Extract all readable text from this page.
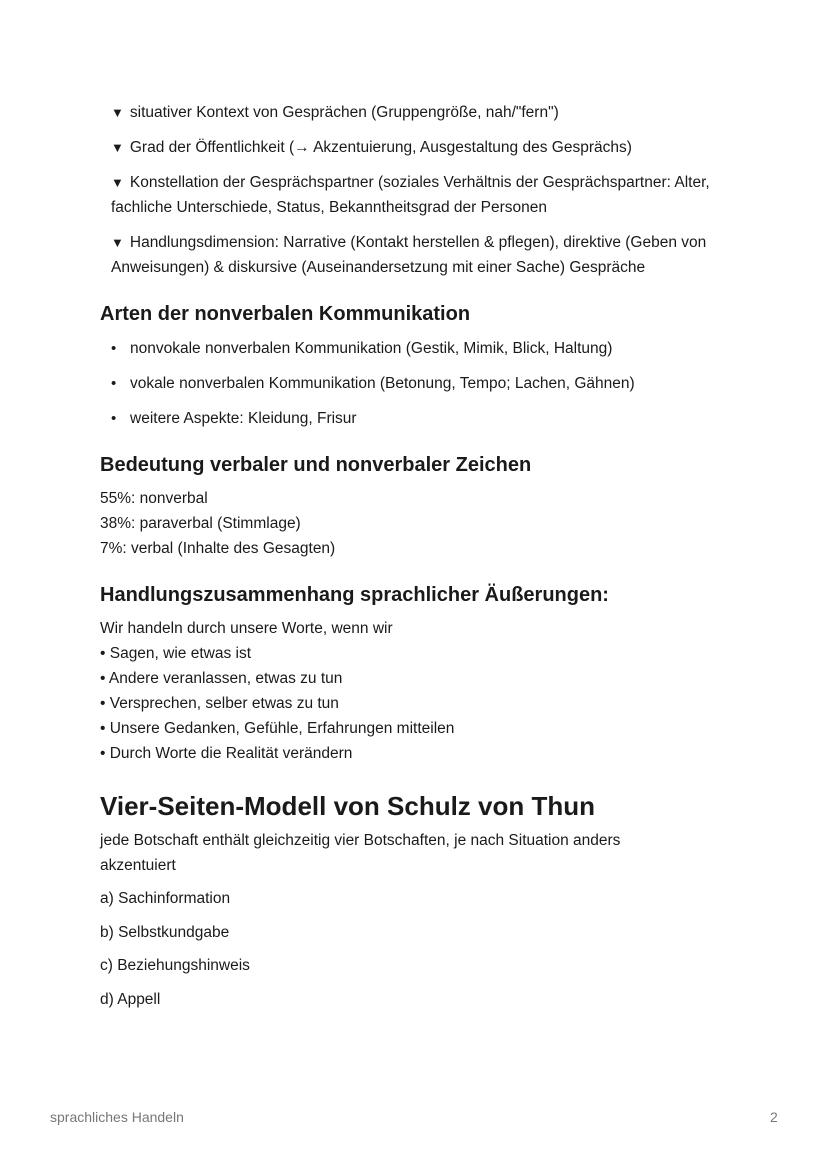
▼ situativer Kontext von Gesprächen (Gruppengröße, nah/"fern")
▼ Grad der Öffentlichkeit (→ Akzentuierung, Ausgestaltung des Gesprächs)
▼ Konstellation der Gesprächspartner (soziales Verhältnis der Gesprächspartner: Alter, fachliche Unterschiede, Status, Bekanntheitsgrad der Personen
▼ Handlungsdimension: Narrative (Kontakt herstellen & pflegen), direktive (Geben von Anweisungen) & diskursive (Auseinandersetzung mit einer Sache) Gespräche
Arten der nonverbalen Kommunikation
• nonvokale nonverbalen Kommunikation (Gestik, Mimik, Blick, Haltung)
• vokale nonverbalen Kommunikation (Betonung, Tempo; Lachen, Gähnen)
• weitere Aspekte: Kleidung, Frisur
Bedeutung verbaler und nonverbaler Zeichen
55%: nonverbal
38%: paraverbal (Stimmlage)
7%: verbal (Inhalte des Gesagten)
Handlungszusammenhang sprachlicher Äußerungen:
Wir handeln durch unsere Worte, wenn wir
• Sagen, wie etwas ist
• Andere veranlassen, etwas zu tun
• Versprechen, selber etwas zu tun
• Unsere Gedanken, Gefühle, Erfahrungen mitteilen
• Durch Worte die Realität verändern
Vier-Seiten-Modell von Schulz von Thun
jede Botschaft enthält gleichzeitig vier Botschaften, je nach Situation anders akzentuiert
a) Sachinformation
b) Selbstkundgabe
c) Beziehungshinweis
d) Appell
sprachliches Handeln	2
